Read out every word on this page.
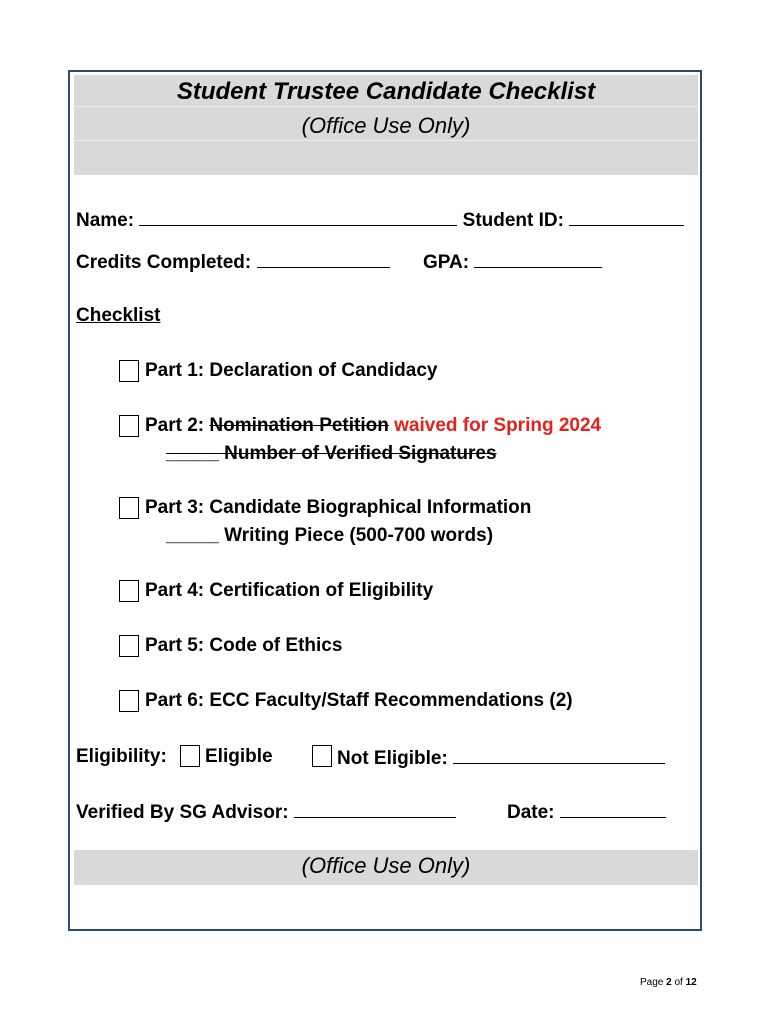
Student Trustee Candidate Checklist
(Office Use Only)
Name:	Student ID:
Credits Completed:	GPA:
Checklist
Part 1: Declaration of Candidacy
Part 2: Nomination Petition waived for Spring 2024
_____ Number of Verified Signatures
Part 3: Candidate Biographical Information
_____ Writing Piece (500-700 words)
Part 4: Certification of Eligibility
Part 5: Code of Ethics
Part 6: ECC Faculty/Staff Recommendations (2)
Eligibility: Eligible	Not Eligible:
Verified By SG Advisor:	Date:
(Office Use Only)
Page 2 of 12
